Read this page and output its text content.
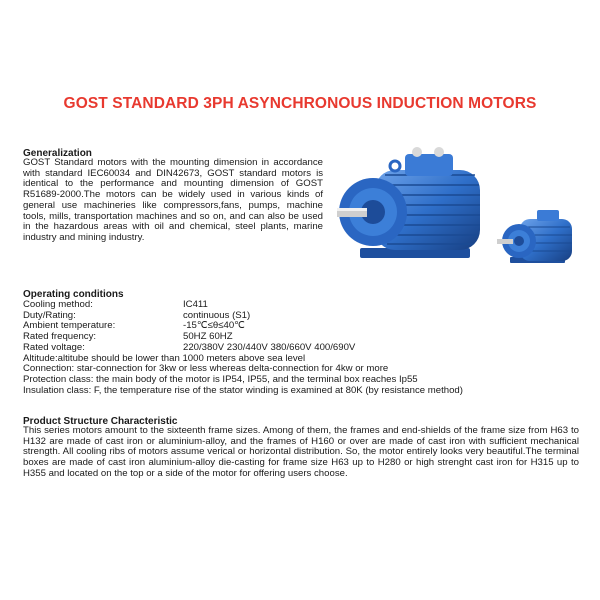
GOST STANDARD 3PH ASYNCHRONOUS INDUCTION MOTORS
Generalization
GOST Standard motors with the mounting dimension in accordance with standard IEC60034 and DIN42673, GOST standard motors is identical to the performance and mounting dimension of GOST R51689-2000.The motors can be widely used in various kinds of general use machineries like compressors,fans, pumps, machine tools, mills, transportation machines and so on, and can also be used in the hazardous areas with oil and chemical, steel plants, marine industry and mining industry.
Operating conditions
Cooling method:	IC411
Duty/Rating:	continuous (S1)
Ambient temperature:	-15℃≤θ≤40℃
Rated frequency:	50HZ 60HZ
Rated voltage:	220/380V 230/440V 380/660V 400/690V
Altitude:altitube should be lower than 1000 meters above sea level
Connection: star-connection for 3kw or less whereas delta-connection for 4kw or more
Protection class: the main body of the motor is IP54, IP55, and the terminal box reaches Ip55
Insulation class: F, the temperature rise of the stator winding is examined at 80K (by resistance method)
Product Structure Characteristic
This series motors amount to the sixteenth frame sizes. Among of them, the frames and end-shields of the frame size from H63 to H132 are made of cast iron or aluminium-alloy, and the frames of H160 or over are made of cast iron with sufficient mechanical strength. All cooling ribs of motors assume verical or horizontal distribution. So, the motor entirely looks very beautiful.The terminal boxes are made of cast iron aluminium-alloy die-casting for frame size H63 up to H280 or high strenght cast iron for H315 up to H355 and located on the top or a side of the motor for offering users choose.
